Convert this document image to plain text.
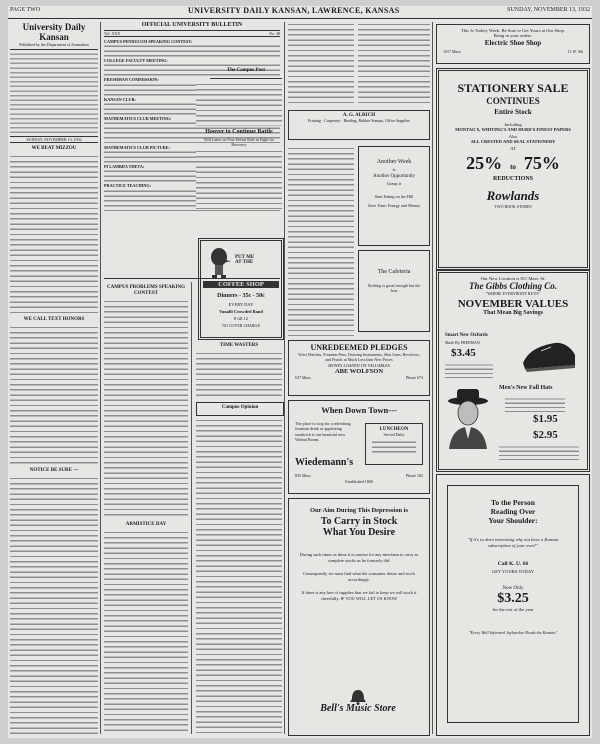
PAGE TWO	UNIVERSITY DAILY KANSAN, LAWRENCE, KANSAS	SUNDAY, NOVEMBER 13, 1932
University Daily Kansan
Published by the Department of Journalism
SUNDAY, NOVEMBER 13, 1932
WE BEAT MIZZOU
WE CALL TEXT HONORS
NOTICE BE SURE —
OFFICIAL UNIVERSITY BULLETIN
Vol. XXX	No. 48
CAMPUS PENDULUM SPEAKING CONTEST:
COLLEGE FACULTY MEETING:
FRESHMAN COMMISSION:
KANSAN CLUB:
MATHEMATICS CLUB MEETING:
MATHEMATICS CLUB PICTURE:
PI LAMBDA THETA:
PRACTICE TEACHING:
CAMPUS PROBLEMS SPEAKING CONTEST
ARMISTICE DAY
The Campus Poet
Hoover to Continue Battle
Will Labor on Post-Defeat Role in Fight for Recovery
PUT ME
AT THE
COFFEE SHOP
Dinners - 35c - 50c
EVERY DAY
Vanalli Crowded Band
8 till 12
NO COVER CHARGE
TIME WASTERS
Campus Opinion
A. G. ALRICH
Printing · Carpentry · Binding, Rubber Stamps, Office Supplies
Another Week
is
Another Opportunity
Grasp it
Start Eating on the Hill
Save Time, Energy and Money
The Cafeteria
Nothing is good enough but the best
UNREDEEMED PLEDGES
Wrist Watches, Fountain Pens, Drawing Instruments, Shot Guns, Revolvers, and Pistols at Much Less than New Prices
MONEY LOANED ON VALUABLES
ABE WOLFSON
637 Mass.	Phone 673
When Down Town---
The place to stop for a refreshing fountain drink or appetizing sandwich is our beautiful new Walnut Room.
LUNCHEON
Served Daily
Wiedemann's
835 Mass.	Phone 182
Established 1868
Our Aim During This Depression is
To Carry in Stock
What You Desire
During such times as these it is unwise for any merchant to carry as complete stocks as he formerly did.
Consequently we must find what the consumer desire and stock accordingly.
If there is any line of supplies that we fail to keep we will stock it cheerfully. IF YOU WILL LET US KNOW
Bell's Music Store
This Is Turkey Week. Be Sure to Get Yours at Our Shop.
Bring in your orders.
Electric Shoe Shop
1017 Mass.	11 W. 9th
STATIONERY SALE
CONTINUES
Entire Stock
Including
MONTAG'S, WHITING'S AND HURD'S FINEST PAPERS
Also
ALL CRESTED AND SEAL STATIONERY
AT
25% to 75%
REDUCTIONS
Rowlands
TWO BOOK STORES
Our New Location is 811 Mass. St.
The Gibbs Clothing Co.
"WHERE EVERYBODY BUYS"
NOVEMBER VALUES
That Mean Big Savings
Smart New Oxfords
Made By FREEMAN
$3.45
Men's New Fall Hats
$1.95
$2.95
To the Person
Reading Over
Your Shoulder:
"If it's so darn interesting why not have a Kansan subscription of your own?"
Call K. U. 66
GET YOURS TODAY
Now Only
$3.25
for the rest of the year
"Every Well Informed Jayhawker Reads the Kansan"
